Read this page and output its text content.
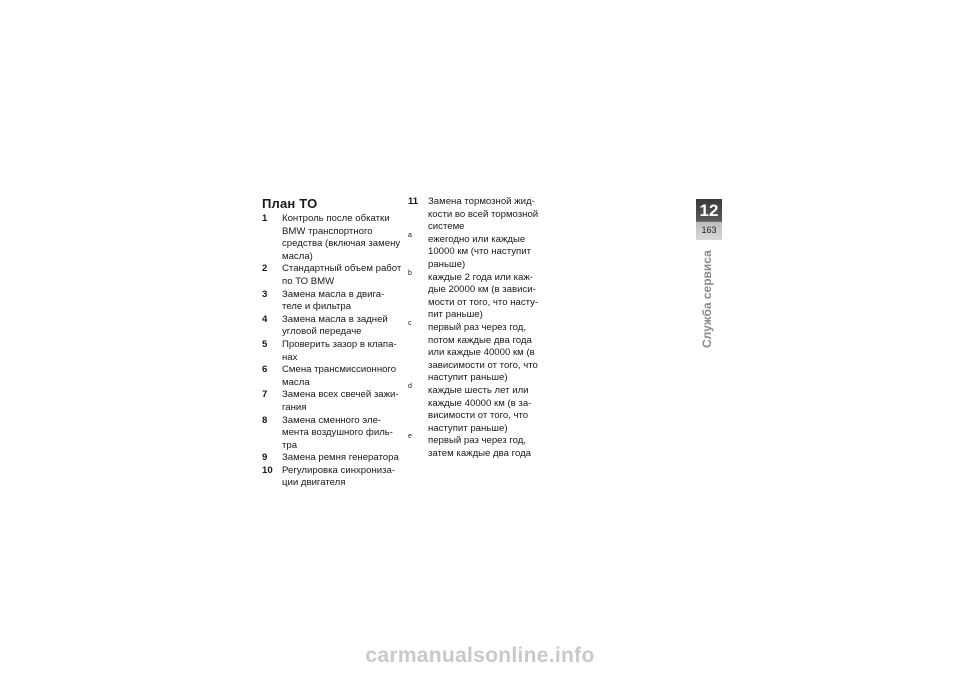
План ТО
1	Контроль после обкатки
BMW транспортного
средства (включая замену
масла)
2	Стандартный объем работ
по ТО BMW
3	Замена масла в двига-
теле и фильтра
4	Замена масла в задней
угловой передаче
5	Проверить зазор в клапа-
нах
6	Смена трансмиссионного
масла
7	Замена всех свечей зажи-
гания
8	Замена сменного эле-
мента воздушного филь-
тра
9	Замена ремня генератора
10 Регулировка синхрониза-
ции двигателя
11	Замена тормозной жид-
кости во всей тормозной
системе
a	ежегодно или каждые
10000 км (что наступит
раньше)
b	каждые 2 года или каж-
дые 20000 км (в зависи-
мости от того, что насту-
пит раньше)
c	первый раз через год,
потом каждые два года
или каждые 40000 км (в
зависимости от того, что
наступит раньше)
d	каждые шесть лет или
каждые 40000 км (в за-
висимости от того, что
наступит раньше)
e	первый раз через год,
затем каждые два года
12
163
Служба сервиса
carmanualsonline.info
